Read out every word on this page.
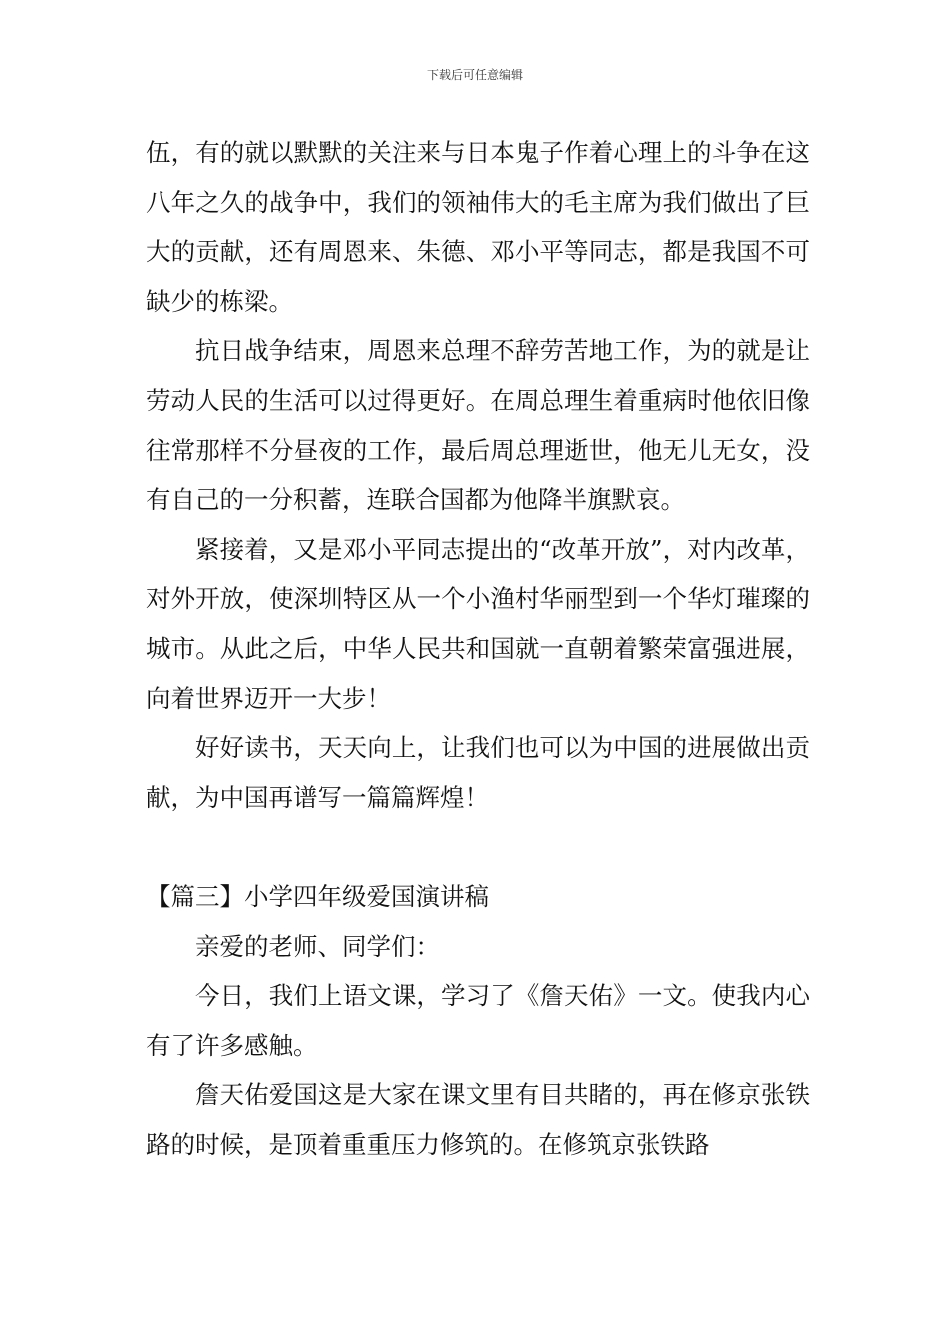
下载后可任意编辑

伍，有的就以默默的关注来与日本鬼子作着心理上的斗争在这八年之久的战争中，我们的领袖伟大的毛主席为我们做出了巨大的贡献，还有周恩来、朱德、邓小平等同志，都是我国不可缺少的栋梁。

抗日战争结束，周恩来总理不辞劳苦地工作，为的就是让劳动人民的生活可以过得更好。在周总理生着重病时他依旧像往常那样不分昼夜的工作，最后周总理逝世，他无儿无女，没有自己的一分积蓄，连联合国都为他降半旗默哀。

紧接着，又是邓小平同志提出的“改革开放”，对内改革，对外开放，使深圳特区从一个小渔村华丽型到一个华灯璀璨的城市。从此之后，中华人民共和国就一直朝着繁荣富强进展，向着世界迈开一大步！

好好读书，天天向上，让我们也可以为中国的进展做出贡献，为中国再谱写一篇篇辉煌！

【篇三】小学四年级爱国演讲稿

亲爱的老师、同学们：

今日，我们上语文课，学习了《詹天佑》一文。使我内心有了许多感触。

詹天佑爱国这是大家在课文里有目共睹的，再在修京张铁路的时候，是顶着重重压力修筑的。在修筑京张铁路
